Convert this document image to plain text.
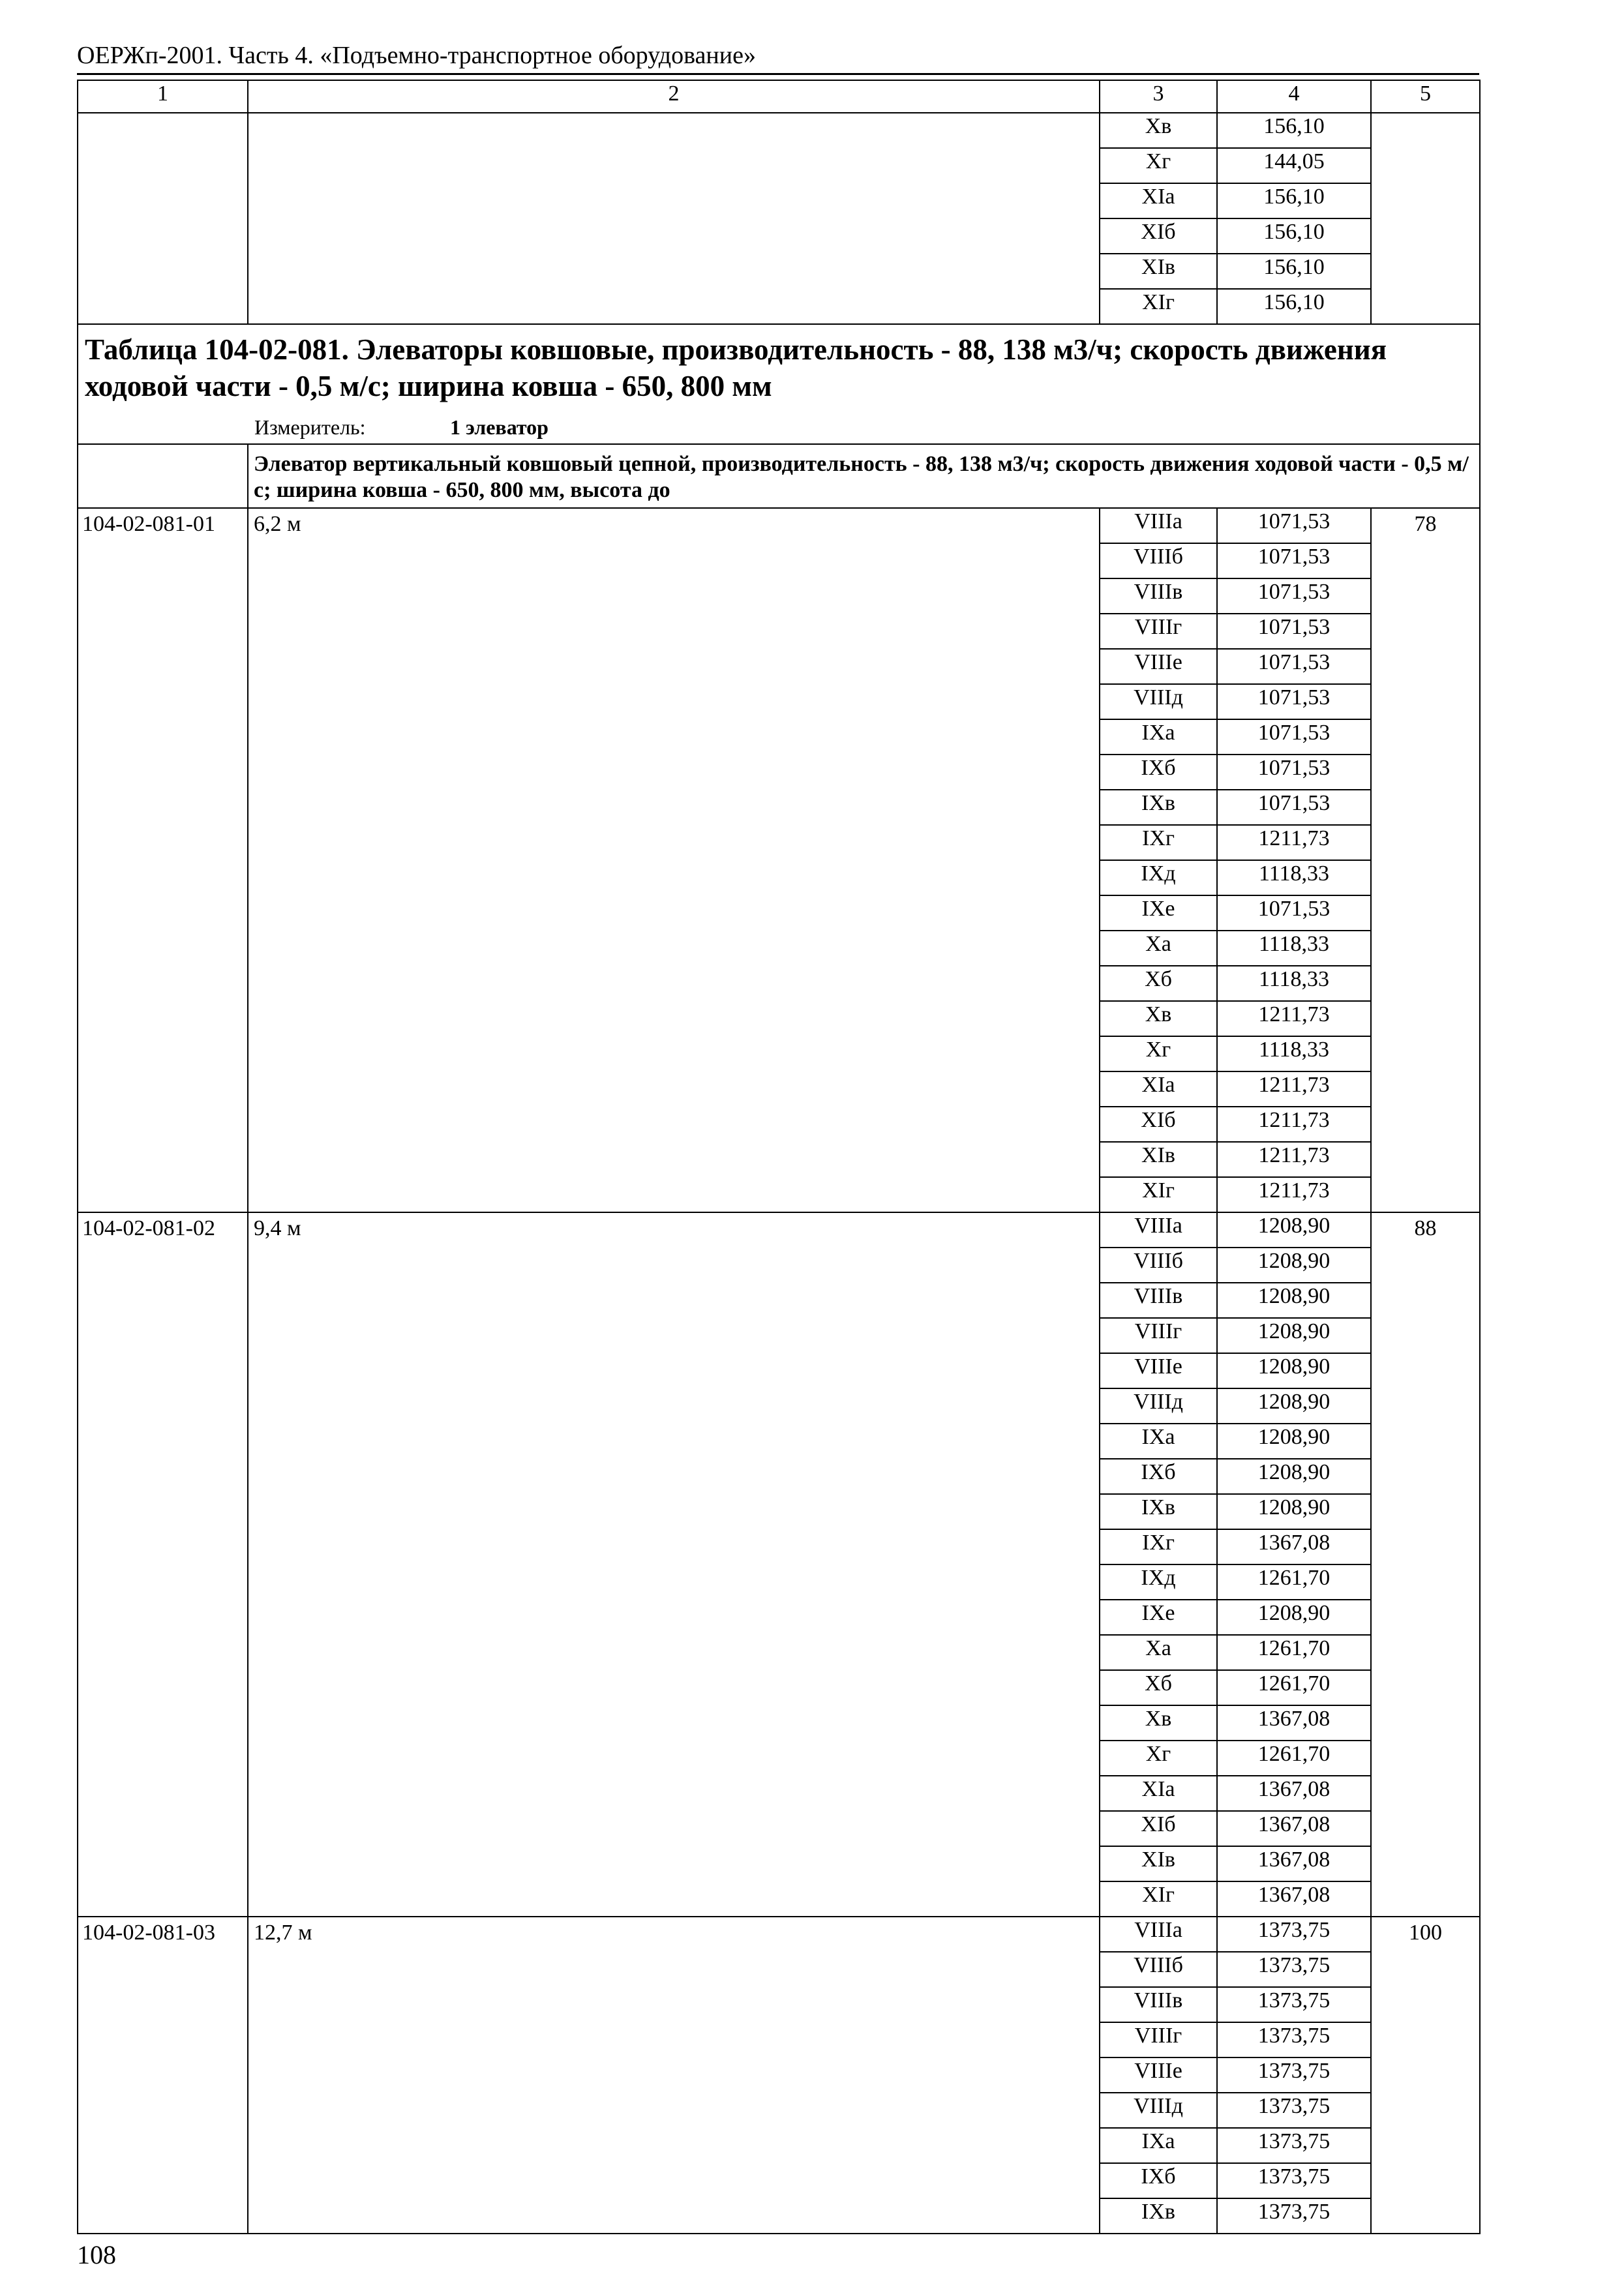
ОЕРЖп-2001. Часть 4. «Подъемно-транспортное оборудование»
1	2	3	4	5
		Xв	156,10	
		Xг	144,05	
		XIа	156,10	
		XIб	156,10	
		XIв	156,10	
		XIг	156,10	

Таблица 104-02-081. Элеваторы ковшовые, производительность - 88, 138 м3/ч; скорость движения ходовой части - 0,5 м/с; ширина ковша - 650, 800 мм
Измеритель: 1 элеватор				

	Элеватор вертикальный ковшовый цепной, производительность - 88, 138 м3/ч; скорость движения ходовой части - 0,5 м/с; ширина ковша - 650, 800 мм, высота до			
104-02-081-01	6,2 м	VIIIа	1071,53	78
		VIIIб	1071,53	
		VIIIв	1071,53	
		VIIIг	1071,53	
		VIIIе	1071,53	
		VIIIд	1071,53	
		IXа	1071,53	
		IXб	1071,53	
		IXв	1071,53	
		IXг	1211,73	
		IXд	1118,33	
		IXе	1071,53	
		Xа	1118,33	
		Xб	1118,33	
		Xв	1211,73	
		Xг	1118,33	
		XIа	1211,73	
		XIб	1211,73	
		XIв	1211,73	
		XIг	1211,73	
104-02-081-02	9,4 м	VIIIа	1208,90	88
		VIIIб	1208,90	
		VIIIв	1208,90	
		VIIIг	1208,90	
		VIIIе	1208,90	
		VIIIд	1208,90	
		IXа	1208,90	
		IXб	1208,90	
		IXв	1208,90	
		IXг	1367,08	
		IXд	1261,70	
		IXе	1208,90	
		Xа	1261,70	
		Xб	1261,70	
		Xв	1367,08	
		Xг	1261,70	
		XIа	1367,08	
		XIб	1367,08	
		XIв	1367,08	
		XIг	1367,08	
104-02-081-03	12,7 м	VIIIа	1373,75	100
		VIIIб	1373,75	
		VIIIв	1373,75	
		VIIIг	1373,75	
		VIIIе	1373,75	
		VIIIд	1373,75	
		IXа	1373,75	
		IXб	1373,75	
		IXв	1373,75	
108
